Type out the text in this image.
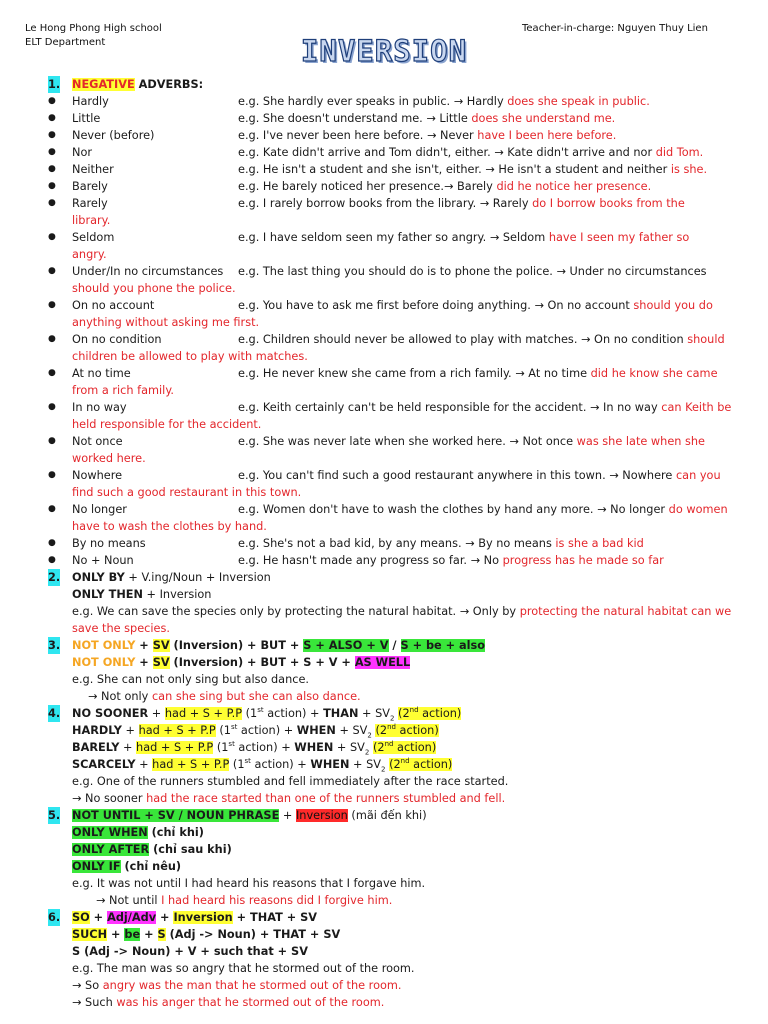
Le Hong Phong High school
ELT Department
Teacher-in-charge: Nguyen Thuy Lien
INVERSION
1. NEGATIVE ADVERBS:
● Hardly	e.g. She hardly ever speaks in public. → Hardly does she speak in public.
● Little	e.g. She doesn't understand me. → Little does she understand me.
● Never (before)	e.g. I've never been here before. → Never have I been here before.
● Nor	e.g. Kate didn't arrive and Tom didn't, either. → Kate didn't arrive and nor did Tom.
● Neither	e.g. He isn't a student and she isn't, either. → He isn't a student and neither is she.
● Barely	e.g. He barely noticed her presence.→ Barely did he notice her presence.
● Rarely	e.g. I rarely borrow books from the library. → Rarely do I borrow books from the
library.
● Seldom	e.g. I have seldom seen my father so angry. → Seldom have I seen my father so
angry.
● Under/In no circumstances e.g. The last thing you should do is to phone the police. → Under no circumstances
should you phone the police.
● On no account	e.g. You have to ask me first before doing anything. → On no account should you do
anything without asking me first.
● On no condition	e.g. Children should never be allowed to play with matches. → On no condition should
children be allowed to play with matches.
● At no time	e.g. He never knew she came from a rich family. → At no time did he know she came
from a rich family.
● In no way	e.g. Keith certainly can't be held responsible for the accident. → In no way can Keith be
held responsible for the accident.
● Not once	e.g. She was never late when she worked here. → Not once was she late when she
worked here.
● Nowhere	e.g. You can't find such a good restaurant anywhere in this town. → Nowhere can you
find such a good restaurant in this town.
● No longer	e.g. Women don't have to wash the clothes by hand any more. → No longer do women
have to wash the clothes by hand.
● By no means	e.g. She's not a bad kid, by any means. → By no means is she a bad kid
● No + Noun	e.g. He hasn't made any progress so far. → No progress has he made so far
2. ONLY BY + V.ing/Noun + Inversion
ONLY THEN + Inversion
e.g. We can save the species only by protecting the natural habitat. → Only by protecting the natural habitat can we
save the species.
3. NOT ONLY + SV (Inversion) + BUT + S + ALSO + V / S + be + also
NOT ONLY + SV (Inversion) + BUT + S + V + AS WELL
e.g. She can not only sing but also dance.
→ Not only can she sing but she can also dance.
4. NO SOONER + had + S + P.P (1st action) + THAN + $SV_2$ (2nd action)
HARDLY + had + S + P.P (1st action) + WHEN + $SV_2$ (2nd action)
BARELY + had + S + P.P (1st action) + WHEN + $SV_2$ (2nd action)
SCARCELY + had + S + P.P (1st action) + WHEN + $SV_2$ (2nd action)
e.g. One of the runners stumbled and fell immediately after the race started.
→ No sooner had the race started than one of the runners stumbled and fell.
5. NOT UNTIL + SV / NOUN PHRASE + Inversion (mãi đến khi)
ONLY WHEN (chỉ khi)
ONLY AFTER (chỉ sau khi)
ONLY IF (chỉ nêu)
e.g. It was not until I had heard his reasons that I forgave him.
→ Not until I had heard his reasons did I forgive him.
6. SO + Adj/Adv + Inversion + THAT + SV
SUCH + be + S (Adj -> Noun) + THAT + SV
S (Adj -> Noun) + V + such that + SV
e.g. The man was so angry that he stormed out of the room.
→ So angry was the man that he stormed out of the room.
→ Such was his anger that he stormed out of the room.
